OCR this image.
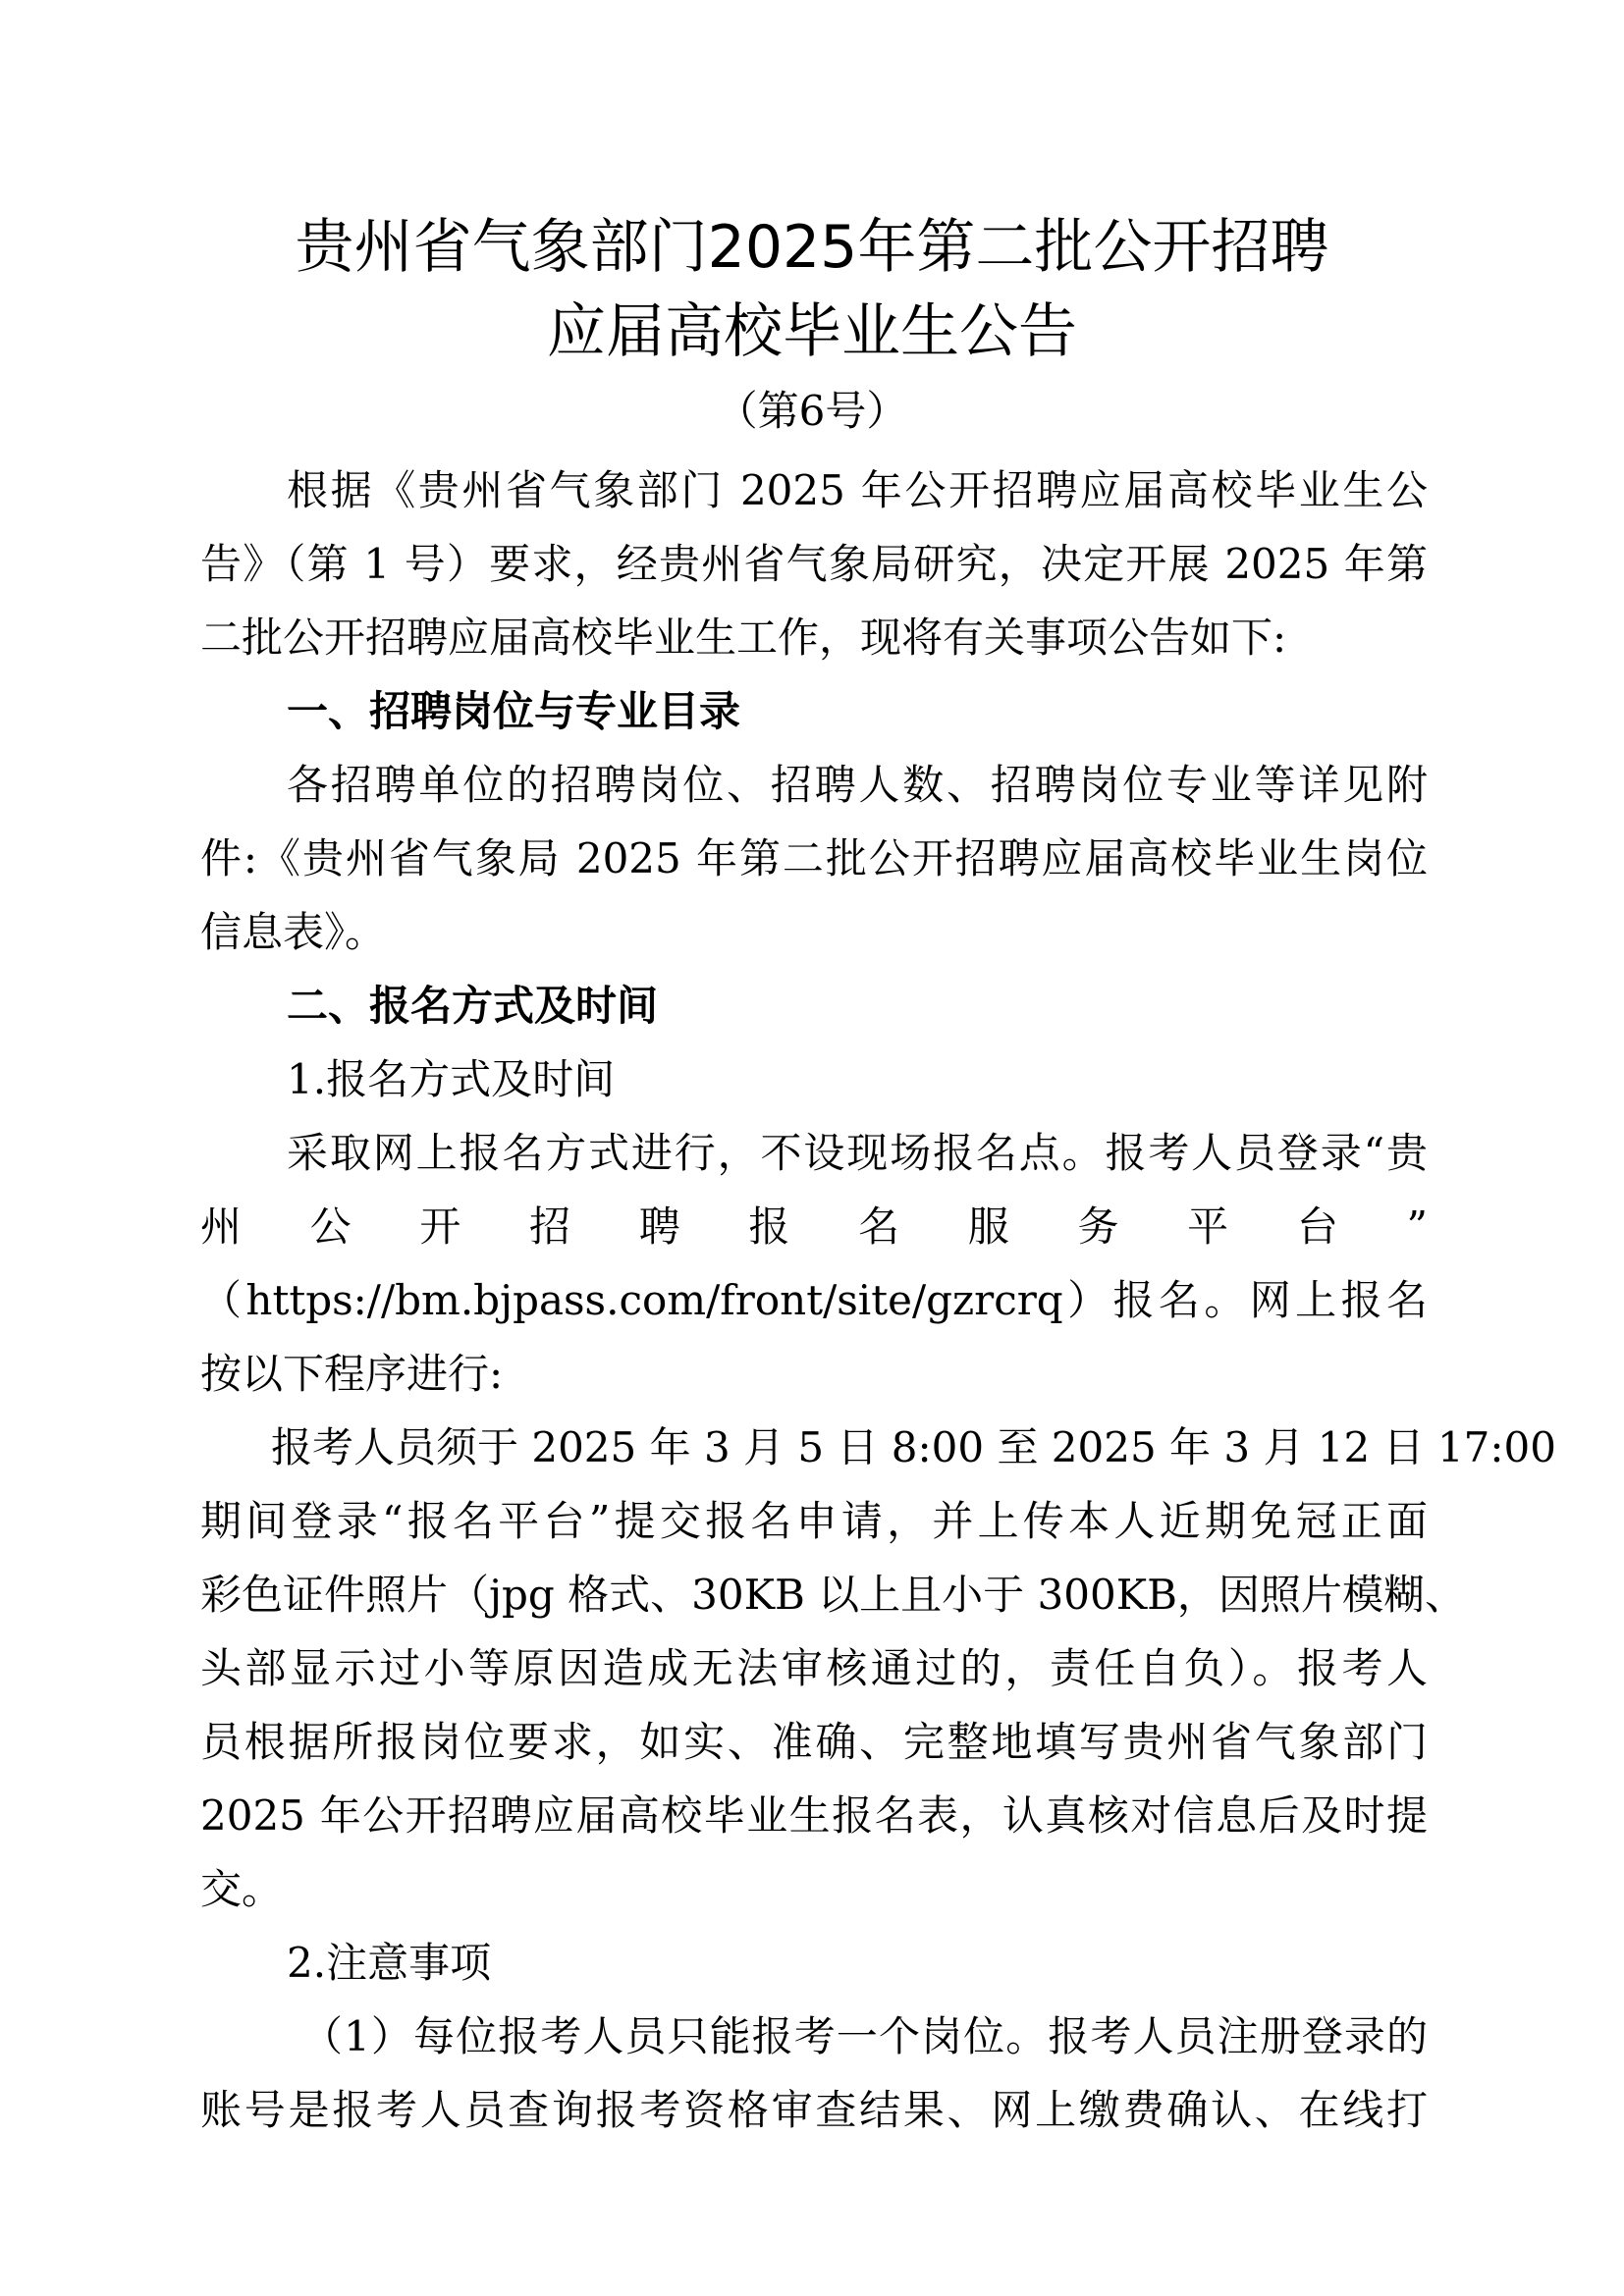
贵州省气象部门2025年第二批公开招聘
应届高校毕业生公告
（第6号）
根据《贵州省气象部门 2025 年公开招聘应届高校毕业生公
告》（第 1 号）要求，经贵州省气象局研究，决定开展 2025 年第
二批公开招聘应届高校毕业生工作，现将有关事项公告如下:
一、招聘岗位与专业目录
各招聘单位的招聘岗位、招聘人数、招聘岗位专业等详见附
件:《贵州省气象局 2025 年第二批公开招聘应届高校毕业生岗位
信息表》。
二、报名方式及时间
1.报名方式及时间
采取网上报名方式进行，不设现场报名点。报考人员登录“贵
州　公　开　招　聘　报　名　服　务　平　台　”
（https://bm.bjpass.com/front/site/gzrcrq）报名。网上报名
按以下程序进行:
报考人员须于 2025 年 3 月 5 日 8:00 至 2025 年 3 月 12 日 17:00
期间登录“报名平台”提交报名申请，并上传本人近期免冠正面
彩色证件照片（jpg 格式、30KB 以上且小于 300KB，因照片模糊、
头部显示过小等原因造成无法审核通过的，责任自负）。报考人
员根据所报岗位要求，如实、准确、完整地填写贵州省气象部门
2025 年公开招聘应届高校毕业生报名表，认真核对信息后及时提
交。
2.注意事项
（1）每位报考人员只能报考一个岗位。报考人员注册登录的
账号是报考人员查询报考资格审查结果、网上缴费确认、在线打
